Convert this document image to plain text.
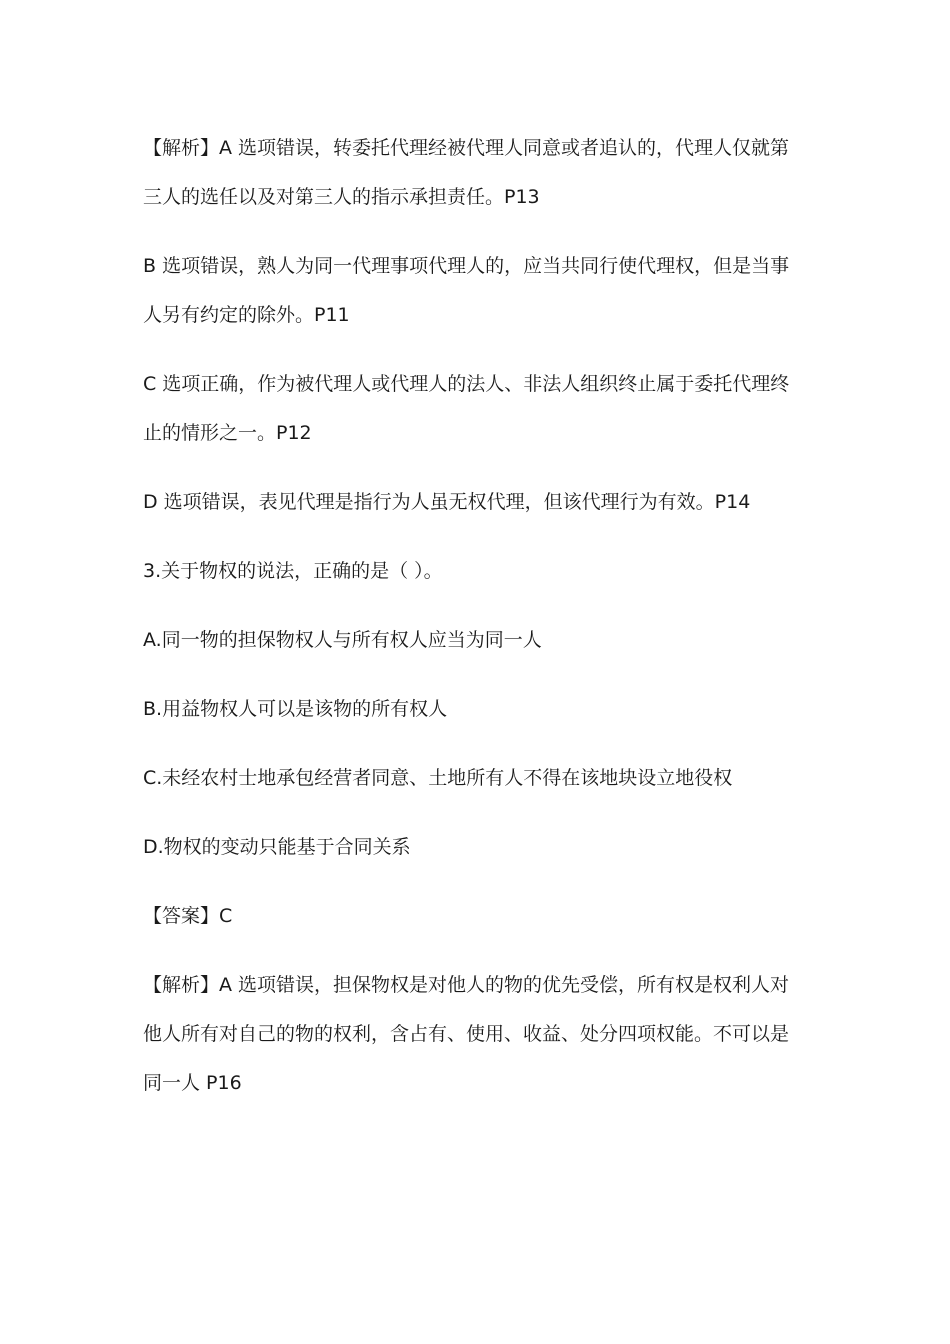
【解析】A 选项错误，转委托代理经被代理人同意或者追认的，代理人仅就第
三人的选任以及对第三人的指示承担责任。P13
B 选项错误，熟人为同一代理事项代理人的，应当共同行使代理权，但是当事
人另有约定的除外。P11
C 选项正确，作为被代理人或代理人的法人、非法人组织终止属于委托代理终
止的情形之一。P12
D 选项错误，表见代理是指行为人虽无权代理，但该代理行为有效。P14
3.关于物权的说法，正确的是（ ）。
A.同一物的担保物权人与所有权人应当为同一人
B.用益物权人可以是该物的所有权人
C.未经农村士地承包经营者同意、土地所有人不得在该地块设立地役权
D.物权的变动只能基于合同关系
【答案】C
【解析】A 选项错误，担保物权是对他人的物的优先受偿，所有权是权利人对
他人所有对自己的物的权利，含占有、使用、收益、处分四项权能。不可以是
同一人 P16
